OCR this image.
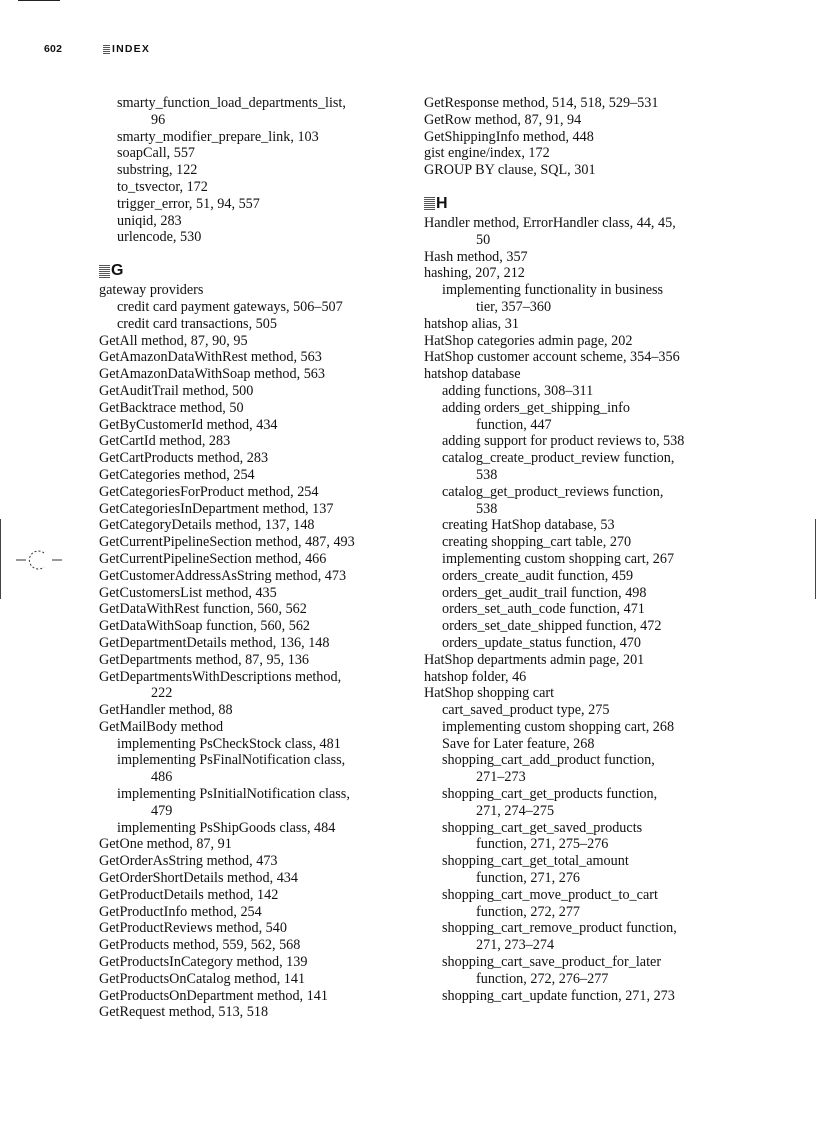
602	INDEX
smarty_function_load_departments_list,
96
smarty_modifier_prepare_link, 103
soapCall, 557
substring, 122
to_tsvector, 172
trigger_error, 51, 94, 557
uniqid, 283
urlencode, 530
G
gateway providers
credit card payment gateways, 506–507
credit card transactions, 505
GetAll method, 87, 90, 95
GetAmazonDataWithRest method, 563
GetAmazonDataWithSoap method, 563
GetAuditTrail method, 500
GetBacktrace method, 50
GetByCustomerId method, 434
GetCartId method, 283
GetCartProducts method, 283
GetCategories method, 254
GetCategoriesForProduct method, 254
GetCategoriesInDepartment method, 137
GetCategoryDetails method, 137, 148
GetCurrentPipelineSection method, 487, 493
GetCurrentPipelineSection method, 466
GetCustomerAddressAsString method, 473
GetCustomersList method, 435
GetDataWithRest function, 560, 562
GetDataWithSoap function, 560, 562
GetDepartmentDetails method, 136, 148
GetDepartments method, 87, 95, 136
GetDepartmentsWithDescriptions method,
222
GetHandler method, 88
GetMailBody method
implementing PsCheckStock class, 481
implementing PsFinalNotification class,
486
implementing PsInitialNotification class,
479
implementing PsShipGoods class, 484
GetOne method, 87, 91
GetOrderAsString method, 473
GetOrderShortDetails method, 434
GetProductDetails method, 142
GetProductInfo method, 254
GetProductReviews method, 540
GetProducts method, 559, 562, 568
GetProductsInCategory method, 139
GetProductsOnCatalog method, 141
GetProductsOnDepartment method, 141
GetRequest method, 513, 518
GetResponse method, 514, 518, 529–531
GetRow method, 87, 91, 94
GetShippingInfo method, 448
gist engine/index, 172
GROUP BY clause, SQL, 301
H
Handler method, ErrorHandler class, 44, 45,
50
Hash method, 357
hashing, 207, 212
implementing functionality in business
tier, 357–360
hatshop alias, 31
HatShop categories admin page, 202
HatShop customer account scheme, 354–356
hatshop database
adding functions, 308–311
adding orders_get_shipping_info
function, 447
adding support for product reviews to, 538
catalog_create_product_review function,
538
catalog_get_product_reviews function,
538
creating HatShop database, 53
creating shopping_cart table, 270
implementing custom shopping cart, 267
orders_create_audit function, 459
orders_get_audit_trail function, 498
orders_set_auth_code function, 471
orders_set_date_shipped function, 472
orders_update_status function, 470
HatShop departments admin page, 201
hatshop folder, 46
HatShop shopping cart
cart_saved_product type, 275
implementing custom shopping cart, 268
Save for Later feature, 268
shopping_cart_add_product function,
271–273
shopping_cart_get_products function,
271, 274–275
shopping_cart_get_saved_products
function, 271, 275–276
shopping_cart_get_total_amount
function, 271, 276
shopping_cart_move_product_to_cart
function, 272, 277
shopping_cart_remove_product function,
271, 273–274
shopping_cart_save_product_for_later
function, 272, 276–277
shopping_cart_update function, 271, 273
